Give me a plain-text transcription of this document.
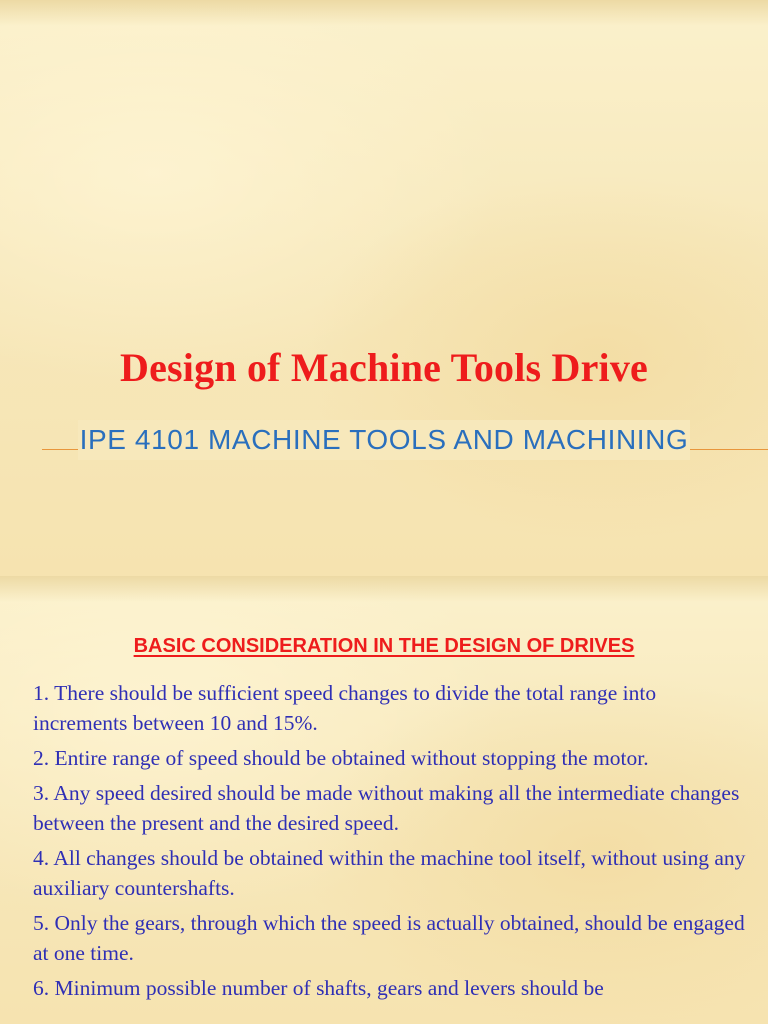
Design of Machine Tools Drive
IPE 4101 MACHINE TOOLS AND MACHINING
BASIC CONSIDERATION IN THE DESIGN OF DRIVES
1. There should be sufficient speed changes to divide the total range into increments between 10 and 15%.
2. Entire range of speed should be obtained without stopping the motor.
3. Any speed desired should be made without making all the intermediate changes between the present and the desired speed.
4. All changes should be obtained within the machine tool itself, without using any auxiliary countershafts.
5. Only the gears, through which the speed is actually obtained, should be engaged at one time.
6. Minimum possible number of shafts, gears and levers should be
